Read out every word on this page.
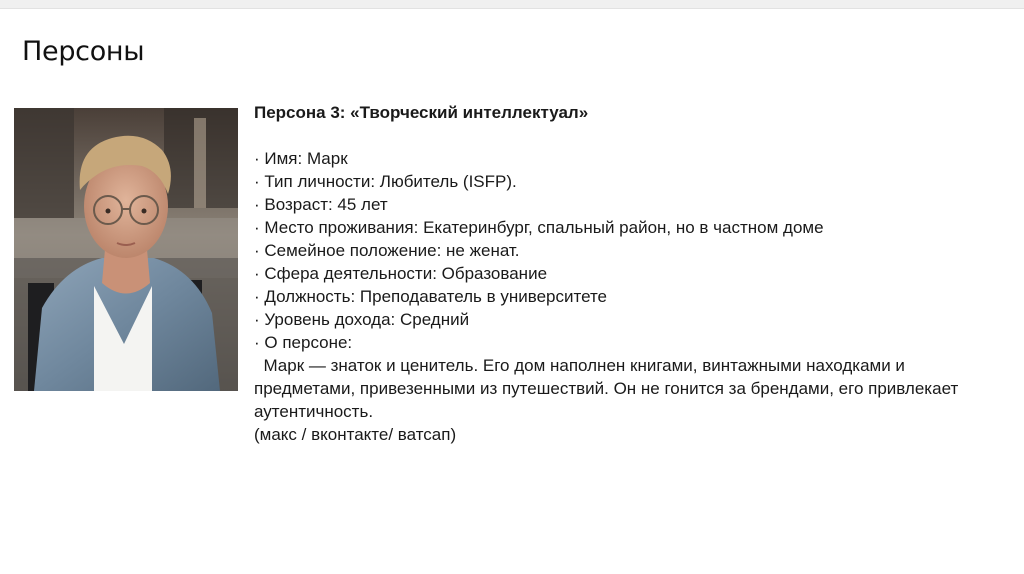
Персоны
Персона 3: «Творческий интеллектуал»
· Имя: Марк
· Тип личности: Любитель (ISFP).
· Возраст: 45 лет
· Место проживания: Екатеринбург, спальный район, но в частном доме
· Семейное положение: не женат.
· Сфера деятельности: Образование
· Должность: Преподаватель в университете
· Уровень дохода: Средний
· О персоне:
Марк — знаток и ценитель. Его дом наполнен книгами, винтажными находками и предметами, привезенными из путешествий. Он не гонится за брендами, его привлекает аутентичность.
(макс / вконтакте/ ватсап)
